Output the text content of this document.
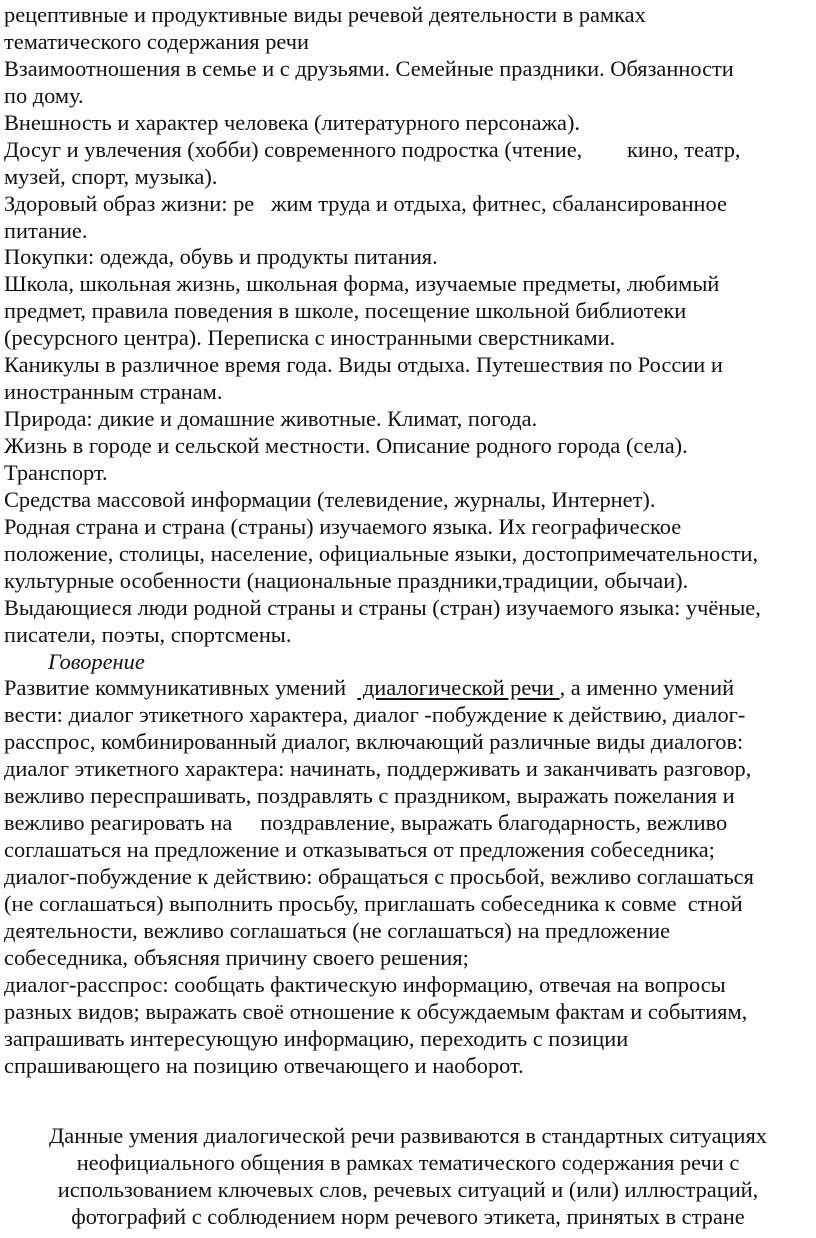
рецептивные и продуктивные виды речевой деятельности в рамках
тематического содержания речи
Взаимоотношения в семье и с друзьями. Семейные праздники. Обязанности
по дому.
Внешность и характер человека (литературного персонажа).
Досуг и увлечения (хобби) современного подростка (чтение,        кино, театр,
музей, спорт, музыка).
Здоровый образ жизни: ре   жим труда и отдыха, фитнес, сбалансированное
питание.
Покупки: одежда, обувь и продукты питания.
Школа, школьная жизнь, школьная форма, изучаемые предметы, любимый
предмет, правила поведения в школе, посещение школьной библиотеки
(ресурсного центра). Переписка с иностранными сверстниками.
Каникулы в различное время года. Виды отдыха. Путешествия по России и
иностранным странам.
Природа: дикие и домашние животные. Климат, погода.
Жизнь в городе и сельской местности. Описание родного города (села).
Транспорт.
Средства массовой информации (телевидение, журналы, Интернет).
Родная страна и страна (страны) изучаемого языка. Их географическое
положение, столицы, население, официальные языки, достопримечательности,
культурные особенности (национальные праздники,традиции, обычаи).
Выдающиеся люди родной страны и страны (стран) изучаемого языка: учёные,
писатели, поэты, спортсмены.
Говорение
Развитие коммуникативных умений   диалогической речи , а именно умений
вести: диалог этикетного характера, диалог -побуждение к действию, диалог-
расспрос, комбинированный диалог, включающий различные виды диалогов:
диалог этикетного характера: начинать, поддерживать и заканчивать разговор,
вежливо переспрашивать, поздравлять с праздником, выражать пожелания и
вежливо реагировать на     поздравление, выражать благодарность, вежливо
соглашаться на предложение и отказываться от предложения собеседника;
диалог-побуждение к действию: обращаться с просьбой, вежливо соглашаться
(не соглашаться) выполнить просьбу, приглашать собеседника к совме  стной
деятельности, вежливо соглашаться (не соглашаться) на предложение
собеседника, объясняя причину своего решения;
диалог-расспрос: сообщать фактическую информацию, отвечая на вопросы
разных видов; выражать своё отношение к обсуждаемым фактам и событиям,
запрашивать интересующую информацию, переходить с позиции
спрашивающего на позицию отвечающего и наоборот.
Данные умения диалогической речи развиваются в стандартных ситуациях
неофициального общения в рамках тематического содержания речи с
использованием ключевых слов, речевых ситуаций и (или) иллюстраций,
фотографий с соблюдением норм речевого этикета, принятых в стране
